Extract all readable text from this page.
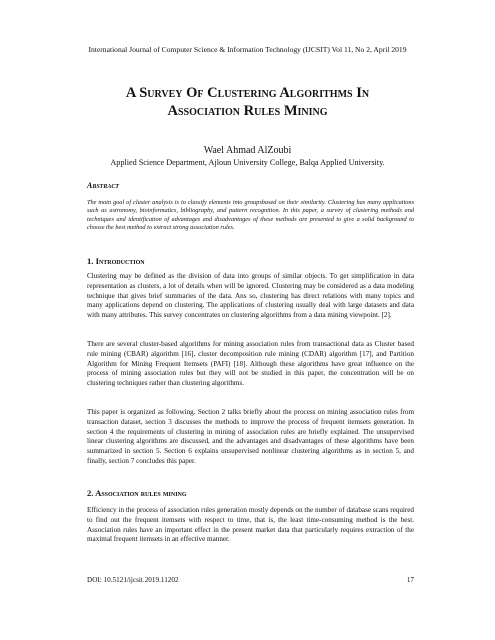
International Journal of Computer Science & Information Technology (IJCSIT) Vol 11, No 2, April 2019
A Survey Of Clustering Algorithms In
Association Rules Mining
Wael Ahmad AlZoubi
Applied Science Department, Ajloun University College, Balqa Applied University.
Abstract

The main goal of cluster analysis is to classify elements into groupsbased on their similarity. Clustering has many applications such as astronomy, bioinformatics, bibliography, and pattern recognition. In this paper, a survey of clustering methods and techniques and identification of advantages and disadvantages of these methods are presented to give a solid background to choose the best method to extract strong association rules.

1. Introduction

Clustering may be defined as the division of data into groups of similar objects. To get simplification in data representation as clusters, a lot of details when will be ignored. Clustering may be considered as a data modeling technique that gives brief summaries of the data. Ans so, clustering has direct relations with many topics and many applications depend on clustering. The applications of clustering usually deal with large datasets and data with many attributes. This survey concentrates on clustering algorithms from a data mining viewpoint. [2].

There are several cluster-based algorithms for mining association rules from transactional data as Cluster based rule mining (CBAR) algorithm [16], cluster decomposition rule mining (CDAR) algorithm [17], and Partition Algorithm for Mining Frequent Itemsets (PAFI) [18]. Although these algorithms have great influence on the process of mining association rules but they will not be studied in this paper, the concentration will be on clustering techniques rather than clustering algorithms.

This paper is organized as following. Section 2 talks briefly about the process on mining association rules from transaction dataset, section 3 discusses the methods to improve the process of frequent itemsets generation. In section 4 the requirements of clustering in mining of association rules are briefly explained. The unsupervised linear clustering algorithms are discussed, and the advantages and disadvantages of these algorithms have been summarized in section 5. Section 6 explains unsupervised nonlinear clustering algorithms as in section 5, and finally, section 7 concludes this paper.

2. Association rules mining

Efficiency in the process of association rules generation mostly depends on the number of database scans required to find out the frequent itemsets with respect to time, that is, the least time-consuming method is the best. Association rules have an important effect in the present market data that particularly requires extraction of the maximal frequent itemsets in an effective manner.

DOI: 10.5121/ijcsit.2019.11202	17
